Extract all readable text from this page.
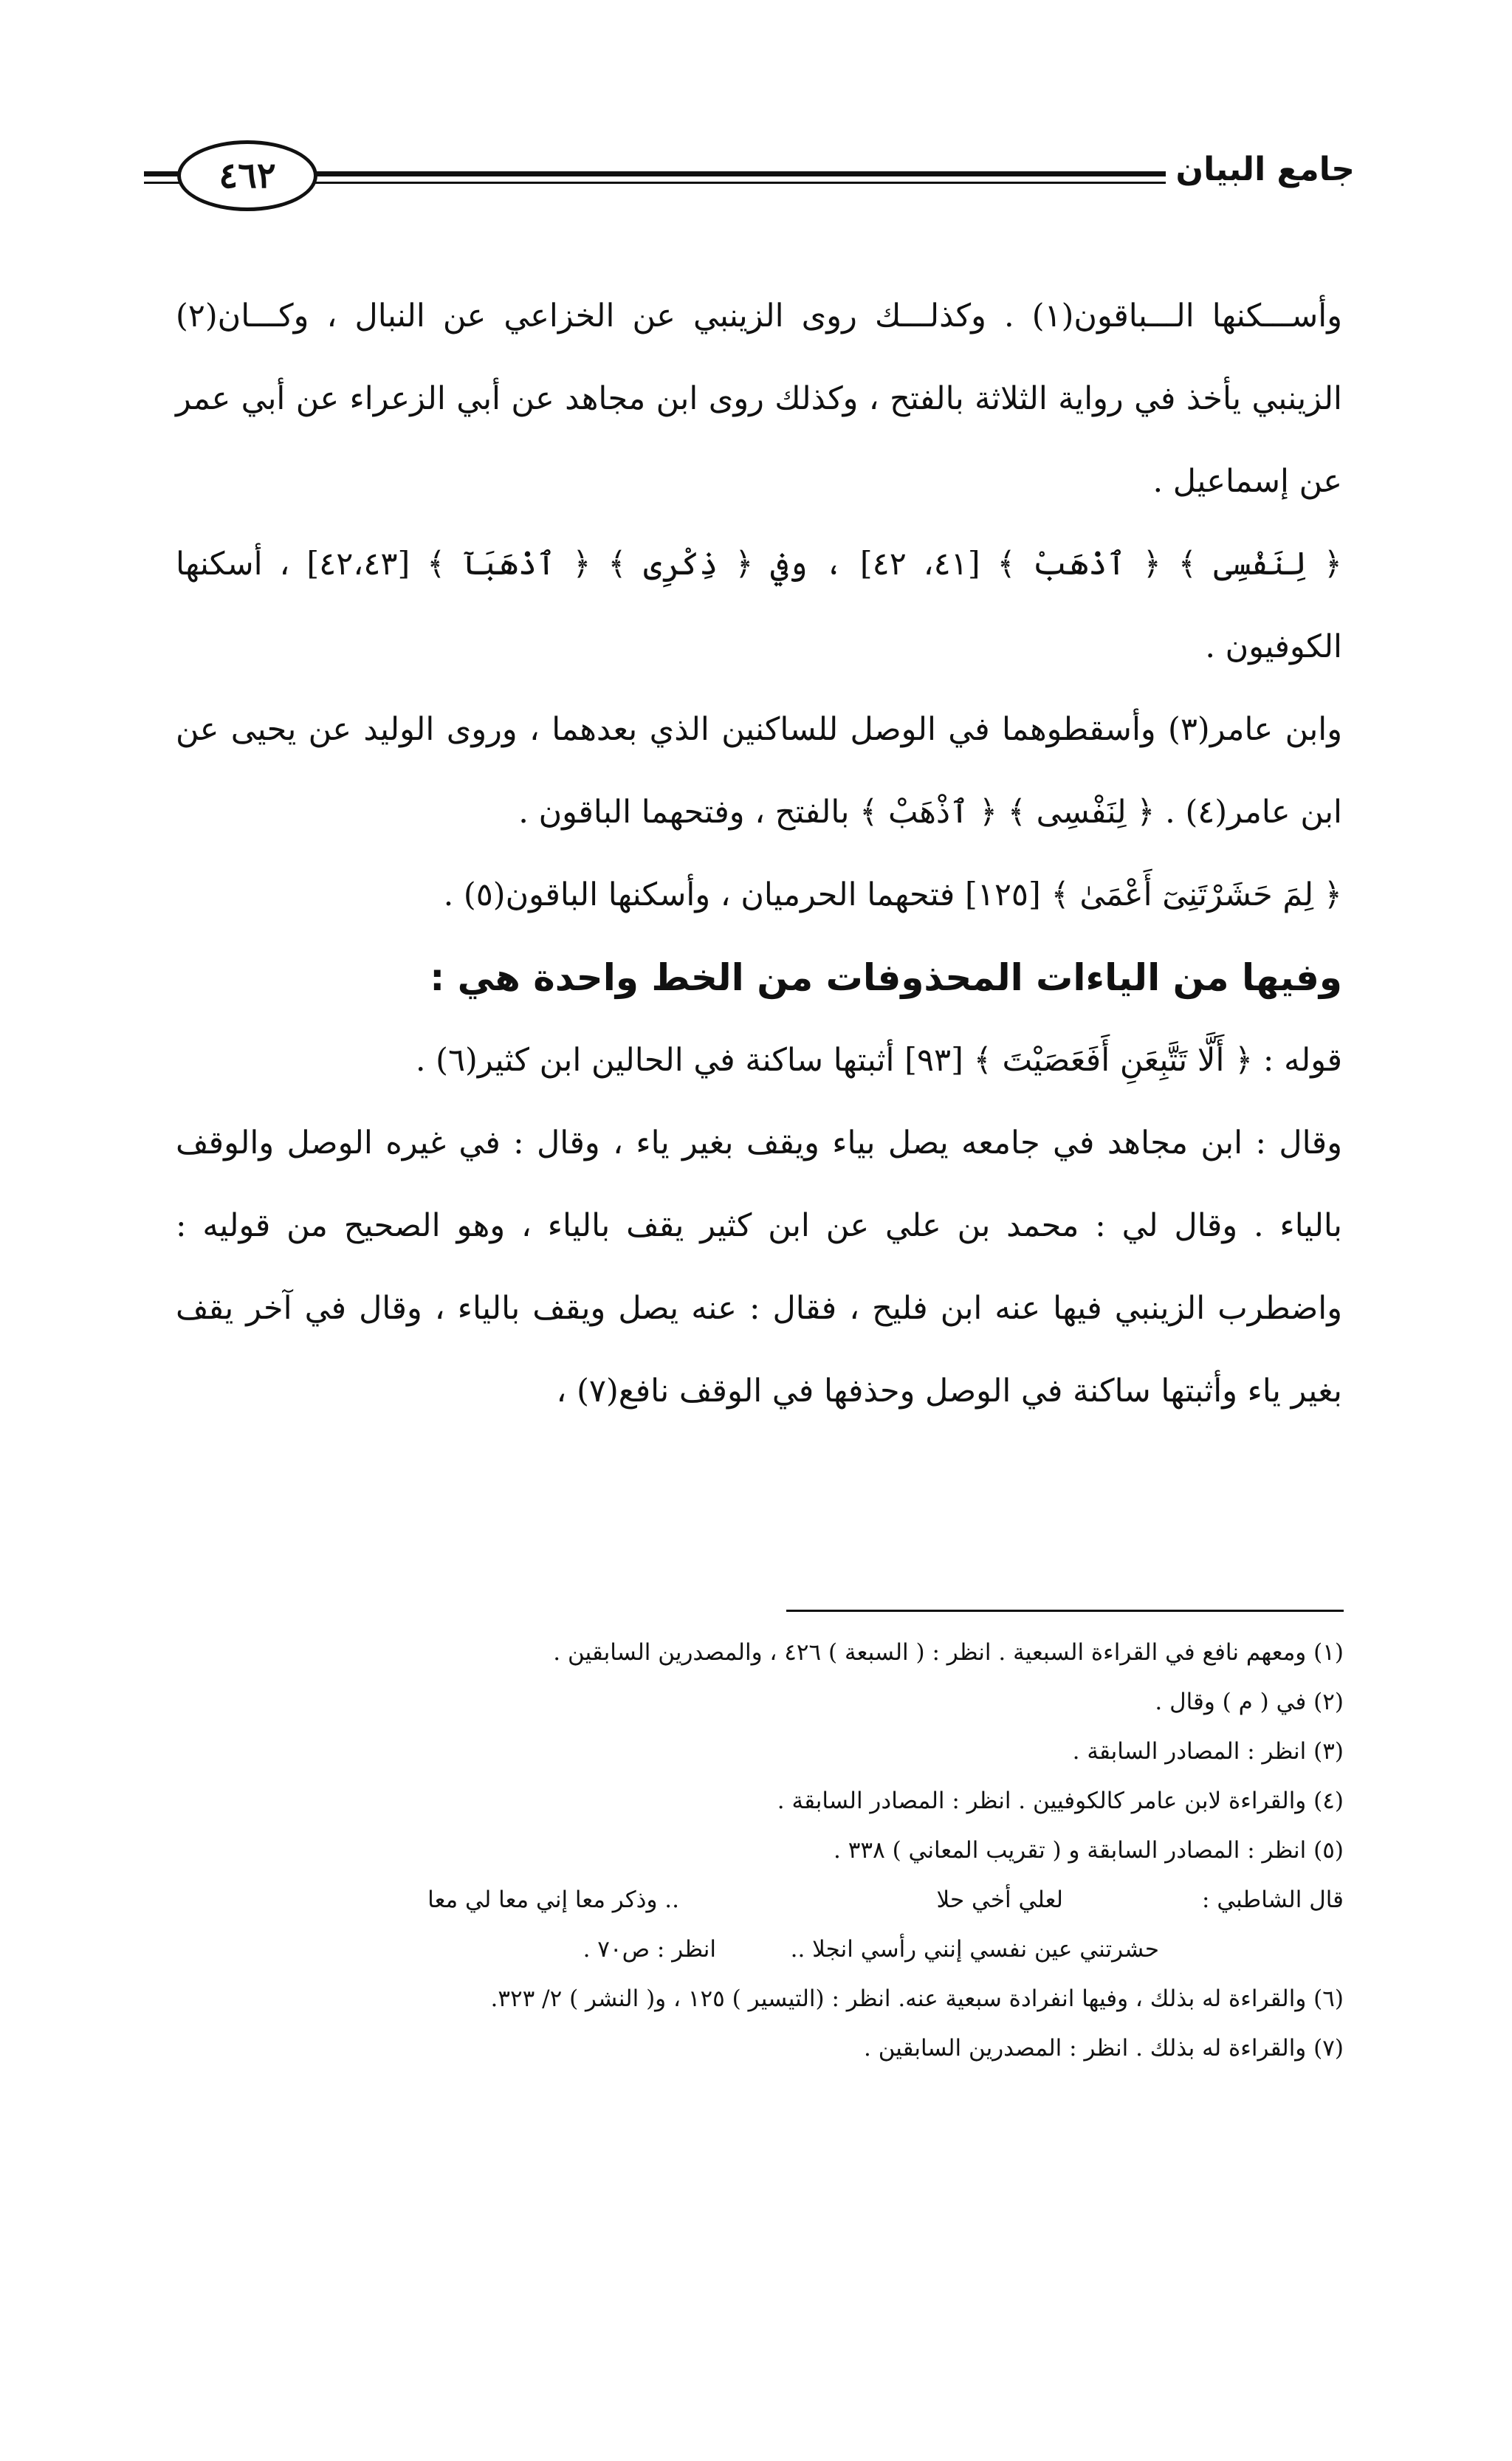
٤٦٢	جامع البيان

وأســـكنها الـــباقون(١) . وكذلـــك روى الزينبي عن الخزاعي عن النبال ، وكـــان(٢) الزينبي يأخذ في رواية الثلاثة بالفتح ، وكذلك روى ابن مجاهد عن أبي الزعراء عن أبي عمر عن إسماعيل .

﴿ لِنَفْسِى ﴾ ﴿ ٱذْهَبْ ﴾ [٤١، ٤٢] ، وفي ﴿ ذِكْرِى ﴾ ﴿ ٱذْهَبَآ ﴾ [٤٢،٤٣] ، أسكنها الكوفيون .

وابن عامر(٣) وأسقطوهما في الوصل للساكنين الذي بعدهما ، وروى الوليد عن يحيى عن ابن عامر(٤) . ﴿ لِنَفْسِى ﴾ ﴿ ٱذْهَبْ ﴾ بالفتح ، وفتحهما الباقون .

﴿ لِمَ حَشَرْتَنِىٓ أَعْمَىٰ ﴾ [١٢٥] فتحهما الحرميان ، وأسكنها الباقون(٥) .

وفيها من الياءات المحذوفات من الخط واحدة هي :

قوله : ﴿ أَلَّا تَتَّبِعَنِ أَفَعَصَيْتَ ﴾ [٩٣] أثبتها ساكنة في الحالين ابن كثير(٦) .

وقال : ابن مجاهد في جامعه يصل بياء ويقف بغير ياء ، وقال : في غيره الوصل والوقف بالياء . وقال لي : محمد بن علي عن ابن كثير يقف بالياء ، وهو الصحيح من قوليه : واضطرب الزينبي فيها عنه ابن فليح ، فقال : عنه يصل ويقف بالياء ، وقال في آخر يقف بغير ياء وأثبتها ساكنة في الوصل وحذفها في الوقف نافع(٧) ،

(١) ومعهم نافع في القراءة السبعية . انظر : ( السبعة ) ٤٢٦ ، والمصدرين السابقين .

(٢) في ( م ) وقال .

(٣) انظر : المصادر السابقة .

(٤) والقراءة لابن عامر كالكوفيين . انظر : المصادر السابقة .

(٥) انظر : المصادر السابقة و ( تقريب المعاني ) ٣٣٨ .

قال الشاطبي :
لعلي أخي حلا
.. وذكر معا إني معا لي معا
حشرتني عين نفسي إنني رأسي انجلا ..
انظر : ص٧٠ .

(٦) والقراءة له بذلك ، وفيها انفرادة سبعية عنه. انظر : (التيسير ) ١٢٥ ، و( النشر ) ٢/ ٣٢٣.

(٧) والقراءة له بذلك . انظر : المصدرين السابقين .
